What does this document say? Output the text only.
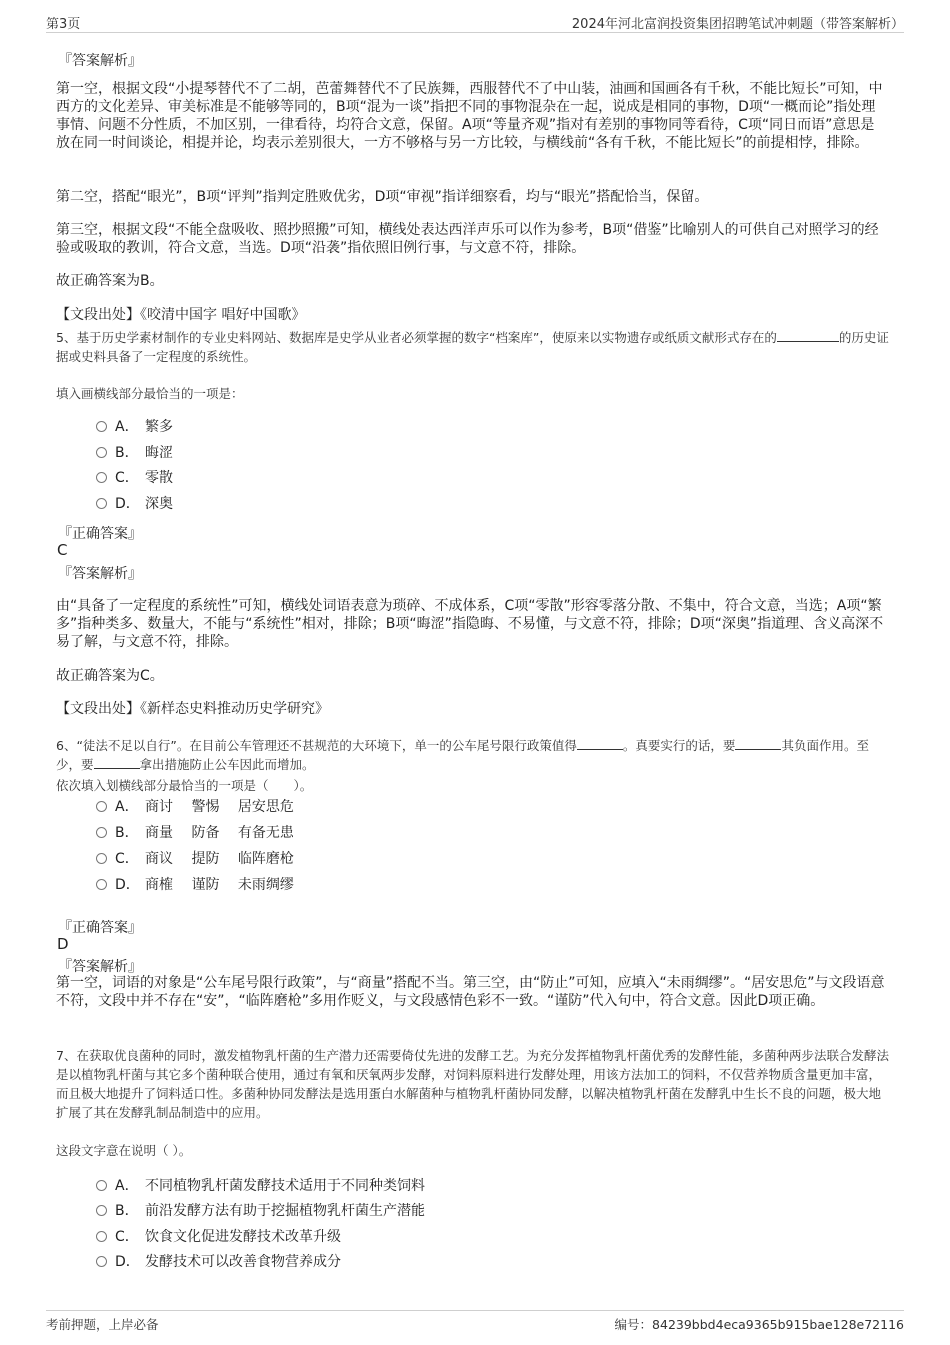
第3页	2024年河北富润投资集团招聘笔试冲刺题（带答案解析）
『答案解析』
第一空，根据文段“小提琴替代不了二胡，芭蕾舞替代不了民族舞，西服替代不了中山装，油画和国画各有千秋，不能比短长”可知，中西方的文化差异、审美标准是不能够等同的，B项“混为一谈”指把不同的事物混杂在一起，说成是相同的事物，D项“一概而论”指处理事情、问题不分性质，不加区别，一律看待，均符合文意，保留。A项“等量齐观”指对有差别的事物同等看待，C项“同日而语”意思是放在同一时间谈论，相提并论，均表示差别很大，一方不够格与另一方比较，与横线前“各有千秋，不能比短长”的前提相悖，排除。
第二空，搭配“眼光”，B项“评判”指判定胜败优劣，D项“审视”指详细察看，均与“眼光”搭配恰当，保留。
第三空，根据文段“不能全盘吸收、照抄照搬”可知，横线处表达西洋声乐可以作为参考，B项“借鉴”比喻别人的可供自己对照学习的经验或吸取的教训，符合文意，当选。D项“沿袭”指依照旧例行事，与文意不符，排除。
故正确答案为B。
【文段出处】《咬清中国字 唱好中国歌》
5、基于历史学素材制作的专业史料网站、数据库是史学从业者必须掌握的数字“档案库”，使原来以实物遗存或纸质文献形式存在的	的历史证据或史料具备了一定程度的系统性。
填入画横线部分最恰当的一项是：
A． 繁多
B． 晦涩
C． 零散
D． 深奥
『正确答案』
C
『答案解析』
由“具备了一定程度的系统性”可知，横线处词语表意为琐碎、不成体系，C项“零散”形容零落分散、不集中，符合文意，当选；A项“繁多”指种类多、数量大，不能与“系统性”相对，排除；B项“晦涩”指隐晦、不易懂，与文意不符，排除；D项“深奥”指道理、含义高深不易了解，与文意不符，排除。
故正确答案为C。
【文段出处】《新样态史料推动历史学研究》
6、“徒法不足以自行”。在目前公车管理还不甚规范的大环境下，单一的公车尾号限行政策值得	。真要实行的话，要	其负面作用。至少，要	拿出措施防止公车因此而增加。
依次填入划横线部分最恰当的一项是（　　）。
A． 商讨　 警惕　 居安思危
B． 商量　 防备　 有备无患
C． 商议　 提防　 临阵磨枪
D． 商榷　 谨防　 未雨绸缪
『正确答案』
D
『答案解析』
第一空，词语的对象是“公车尾号限行政策”，与“商量”搭配不当。第三空，由“防止”可知，应填入“未雨绸缪”。“居安思危”与文段语意不符，文段中并不存在“安”，“临阵磨枪”多用作贬义，与文段感情色彩不一致。“谨防”代入句中，符合文意。因此D项正确。
7、在获取优良菌种的同时，激发植物乳杆菌的生产潜力还需要倚仗先进的发酵工艺。为充分发挥植物乳杆菌优秀的发酵性能，多菌种两步法联合发酵法是以植物乳杆菌与其它多个菌种联合使用，通过有氧和厌氧两步发酵，对饲料原料进行发酵处理，用该方法加工的饲料，不仅营养物质含量更加丰富，而且极大地提升了饲料适口性。多菌种协同发酵法是选用蛋白水解菌种与植物乳杆菌协同发酵，以解决植物乳杆菌在发酵乳中生长不良的问题，极大地扩展了其在发酵乳制品制造中的应用。
这段文字意在说明（ ）。
A． 不同植物乳杆菌发酵技术适用于不同种类饲料
B． 前沿发酵方法有助于挖掘植物乳杆菌生产潜能
C． 饮食文化促进发酵技术改革升级
D． 发酵技术可以改善食物营养成分
考前押题，上岸必备	编号：84239bbd4eca9365b915bae128e72116
